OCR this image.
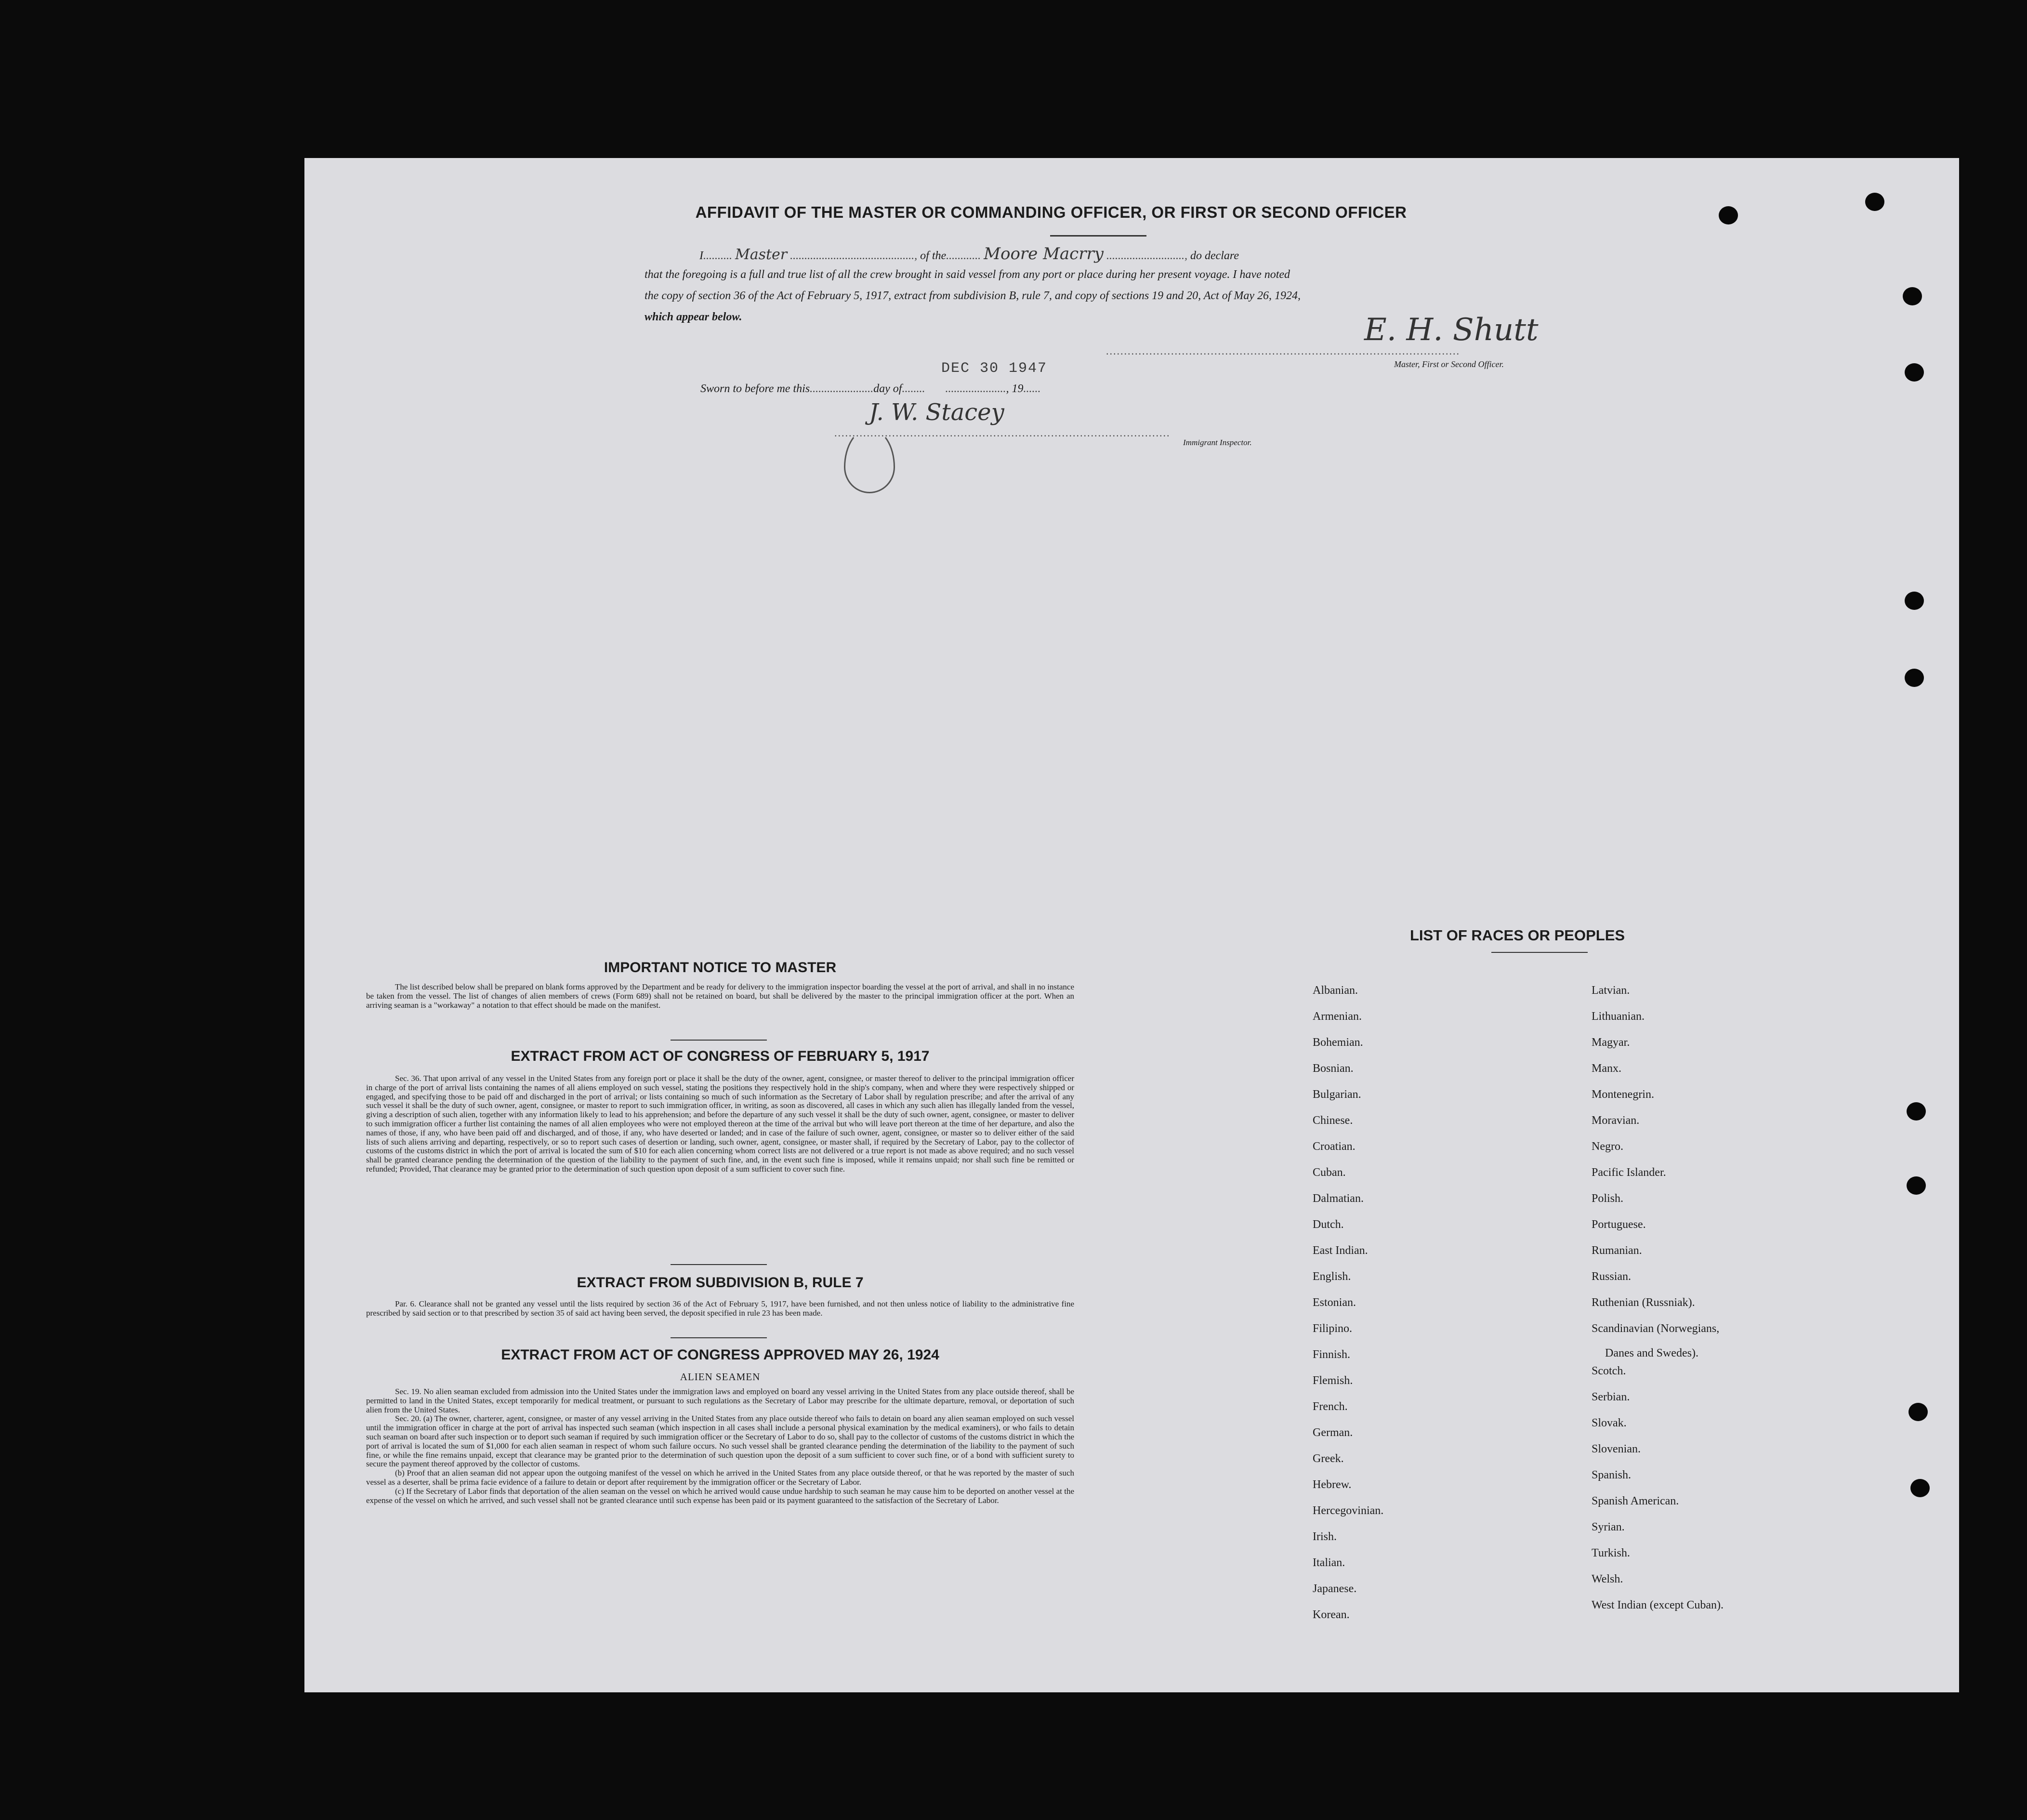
AFFIDAVIT OF THE MASTER OR COMMANDING OFFICER, OR FIRST OR SECOND OFFICER
I.......... Master ..........................................., of the............ Moore Macrry ..........................., do declare
that the foregoing is a full and true list of all the crew brought in said vessel from any port or place during her present voyage. I have noted
the copy of section 36 of the Act of February 5, 1917, extract from subdivision B, rule 7, and copy of sections 19 and 20, Act of May 26, 1924,
which appear below.
..................................................................................................
E. H. Shutt
Master, First or Second Officer.
DEC 30 1947
Sworn to before me this......................day of........       ....................., 19......
.............................................................................................
J. W. Stacey
Immigrant Inspector.
IMPORTANT NOTICE TO MASTER

The list described below shall be prepared on blank forms approved by the Department and be ready for delivery to the immigration inspector boarding the vessel at the port of arrival, and shall in no instance be taken from the vessel. The list of changes of alien members of crews (Form 689) shall not be retained on board, but shall be delivered by the master to the principal immigration officer at the port. When an arriving seaman is a "workaway" a notation to that effect should be made on the manifest.

EXTRACT FROM ACT OF CONGRESS OF FEBRUARY 5, 1917

Sec. 36. That upon arrival of any vessel in the United States from any foreign port or place it shall be the duty of the owner, agent, consignee, or master thereof to deliver to the principal immigration officer in charge of the port of arrival lists containing the names of all aliens employed on such vessel, stating the positions they respectively hold in the ship's company, when and where they were respectively shipped or engaged, and specifying those to be paid off and discharged in the port of arrival; or lists containing so much of such information as the Secretary of Labor shall by regulation prescribe; and after the arrival of any such vessel it shall be the duty of such owner, agent, consignee, or master to report to such immigration officer, in writing, as soon as discovered, all cases in which any such alien has illegally landed from the vessel, giving a description of such alien, together with any information likely to lead to his apprehension; and before the departure of any such vessel it shall be the duty of such owner, agent, consignee, or master to deliver to such immigration officer a further list containing the names of all alien employees who were not employed thereon at the time of the arrival but who will leave port thereon at the time of her departure, and also the names of those, if any, who have been paid off and discharged, and of those, if any, who have deserted or landed; and in case of the failure of such owner, agent, consignee, or master so to deliver either of the said lists of such aliens arriving and departing, respectively, or so to report such cases of desertion or landing, such owner, agent, consignee, or master shall, if required by the Secretary of Labor, pay to the collector of customs of the customs district in which the port of arrival is located the sum of $10 for each alien concerning whom correct lists are not delivered or a true report is not made as above required; and no such vessel shall be granted clearance pending the determination of the question of the liability to the payment of such fine, and, in the event such fine is imposed, while it remains unpaid; nor shall such fine be remitted or refunded; Provided, That clearance may be granted prior to the determination of such question upon deposit of a sum sufficient to cover such fine.

EXTRACT FROM SUBDIVISION B, RULE 7

Par. 6. Clearance shall not be granted any vessel until the lists required by section 36 of the Act of February 5, 1917, have been furnished, and not then unless notice of liability to the administrative fine prescribed by said section or to that prescribed by section 35 of said act having been served, the deposit specified in rule 23 has been made.

EXTRACT FROM ACT OF CONGRESS APPROVED MAY 26, 1924
ALIEN SEAMEN

Sec. 19. No alien seaman excluded from admission into the United States under the immigration laws and employed on board any vessel arriving in the United States from any place outside thereof, shall be permitted to land in the United States, except temporarily for medical treatment, or pursuant to such regulations as the Secretary of Labor may prescribe for the ultimate departure, removal, or deportation of such alien from the United States.

Sec. 20. (a) The owner, charterer, agent, consignee, or master of any vessel arriving in the United States from any place outside thereof who fails to detain on board any alien seaman employed on such vessel until the immigration officer in charge at the port of arrival has inspected such seaman (which inspection in all cases shall include a personal physical examination by the medical examiners), or who fails to detain such seaman on board after such inspection or to deport such seaman if required by such immigration officer or the Secretary of Labor to do so, shall pay to the collector of customs of the customs district in which the port of arrival is located the sum of $1,000 for each alien seaman in respect of whom such failure occurs. No such vessel shall be granted clearance pending the determination of the liability to the payment of such fine, or while the fine remains unpaid, except that clearance may be granted prior to the determination of such question upon the deposit of a sum sufficient to cover such fine, or of a bond with sufficient surety to secure the payment thereof approved by the collector of customs.

(b) Proof that an alien seaman did not appear upon the outgoing manifest of the vessel on which he arrived in the United States from any place outside thereof, or that he was reported by the master of such vessel as a deserter, shall be prima facie evidence of a failure to detain or deport after requirement by the immigration officer or the Secretary of Labor.

(c) If the Secretary of Labor finds that deportation of the alien seaman on the vessel on which he arrived would cause undue hardship to such seaman he may cause him to be deported on another vessel at the expense of the vessel on which he arrived, and such vessel shall not be granted clearance until such expense has been paid or its payment guaranteed to the satisfaction of the Secretary of Labor.

LIST OF RACES OR PEOPLES
Danes and Swedes).
Albanian.
Armenian.
Bohemian.
Bosnian.
Bulgarian.
Chinese.
Croatian.
Cuban.
Dalmatian.
Dutch.
East Indian.
English.
Estonian.
Filipino.
Finnish.
Flemish.
French.
German.
Greek.
Hebrew.
Hercegovinian.
Irish.
Italian.
Japanese.
Korean.
Latvian.
Lithuanian.
Magyar.
Manx.
Montenegrin.
Moravian.
Negro.
Pacific Islander.
Polish.
Portuguese.
Rumanian.
Russian.
Ruthenian (Russniak).
Scandinavian (Norwegians,
Scotch.
Serbian.
Slovak.
Slovenian.
Spanish.
Spanish American.
Syrian.
Turkish.
Welsh.
West Indian (except Cuban).
